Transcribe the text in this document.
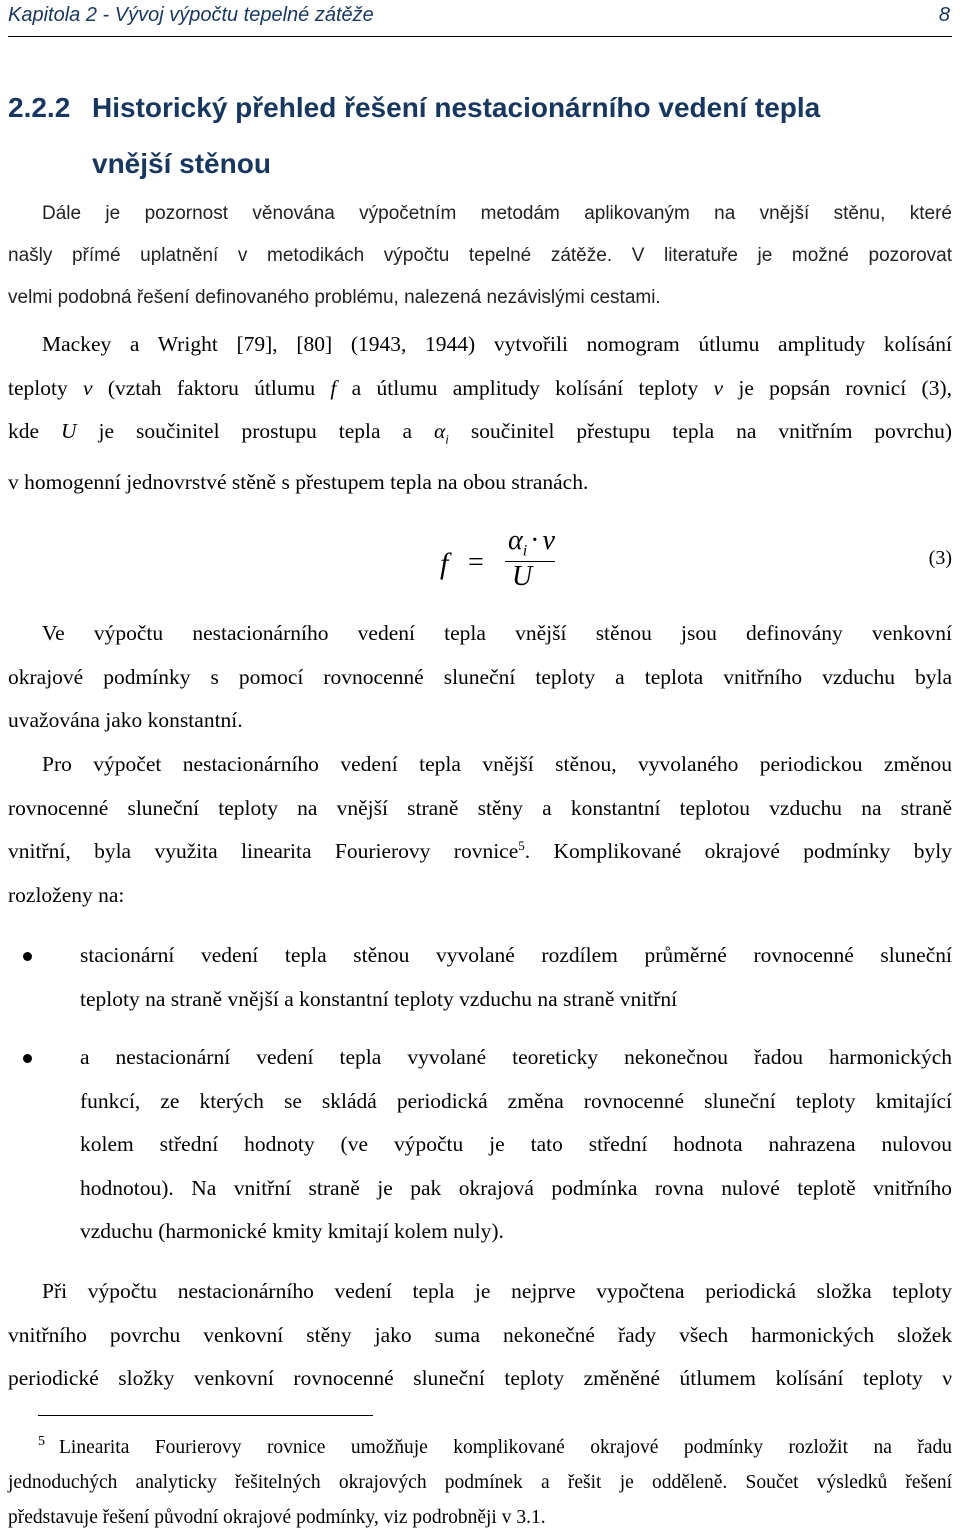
Kapitola 2 - Vývoj výpočtu tepelné zátěže	8
2.2.2 Historický přehled řešení nestacionárního vedení tepla
vnější stěnou
Dále je pozornost věnována výpočetním metodám aplikovaným na vnější stěnu, které
našly přímé uplatnění v metodikách výpočtu tepelné zátěže. V literatuře je možné pozorovat
velmi podobná řešení definovaného problému, nalezená nezávislými cestami.
Mackey a Wright [79], [80] (1943, 1944) vytvořili nomogram útlumu amplitudy kolísání
teploty ν (vztah faktoru útlumu f a útlumu amplitudy kolísání teploty ν je popsán rovnicí (3),
kde U je součinitel prostupu tepla a $\alpha_i$ součinitel přestupu tepla na vnitřním povrchu)
v homogenní jednovrstvé stěně s přestupem tepla na obou stranách.
f =
$\alpha_i \cdot \nu$
U
(3)
Ve výpočtu nestacionárního vedení tepla vnější stěnou jsou definovány venkovní
okrajové podmínky s pomocí rovnocenné sluneční teploty a teplota vnitřního vzduchu byla
uvažována jako konstantní.
Pro výpočet nestacionárního vedení tepla vnější stěnou, vyvolaného periodickou změnou
rovnocenné sluneční teploty na vnější straně stěny a konstantní teplotou vzduchu na straně
vnitřní, byla využita linearita Fourierovy rovnice$^5$. Komplikované okrajové podmínky byly
rozloženy na:
stacionární vedení tepla stěnou vyvolané rozdílem průměrné rovnocenné sluneční
teploty na straně vnější a konstantní teploty vzduchu na straně vnitřní
a nestacionární vedení tepla vyvolané teoreticky nekonečnou řadou harmonických
funkcí, ze kterých se skládá periodická změna rovnocenné sluneční teploty kmitající
kolem střední hodnoty (ve výpočtu je tato střední hodnota nahrazena nulovou
hodnotou). Na vnitřní straně je pak okrajová podmínka rovna nulové teplotě vnitřního
vzduchu (harmonické kmity kmitají kolem nuly).
Při výpočtu nestacionárního vedení tepla je nejprve vypočtena periodická složka teploty
vnitřního povrchu venkovní stěny jako suma nekonečné řady všech harmonických složek
periodické složky venkovní rovnocenné sluneční teploty změněné útlumem kolísání teploty ν
$^5$ Linearita Fourierovy rovnice umožňuje komplikované okrajové podmínky rozložit na řadu
jednoduchých analyticky řešitelných okrajových podmínek a řešit je odděleně. Součet výsledků řešení
představuje řešení původní okrajové podmínky, viz podrobněji v 3.1.
